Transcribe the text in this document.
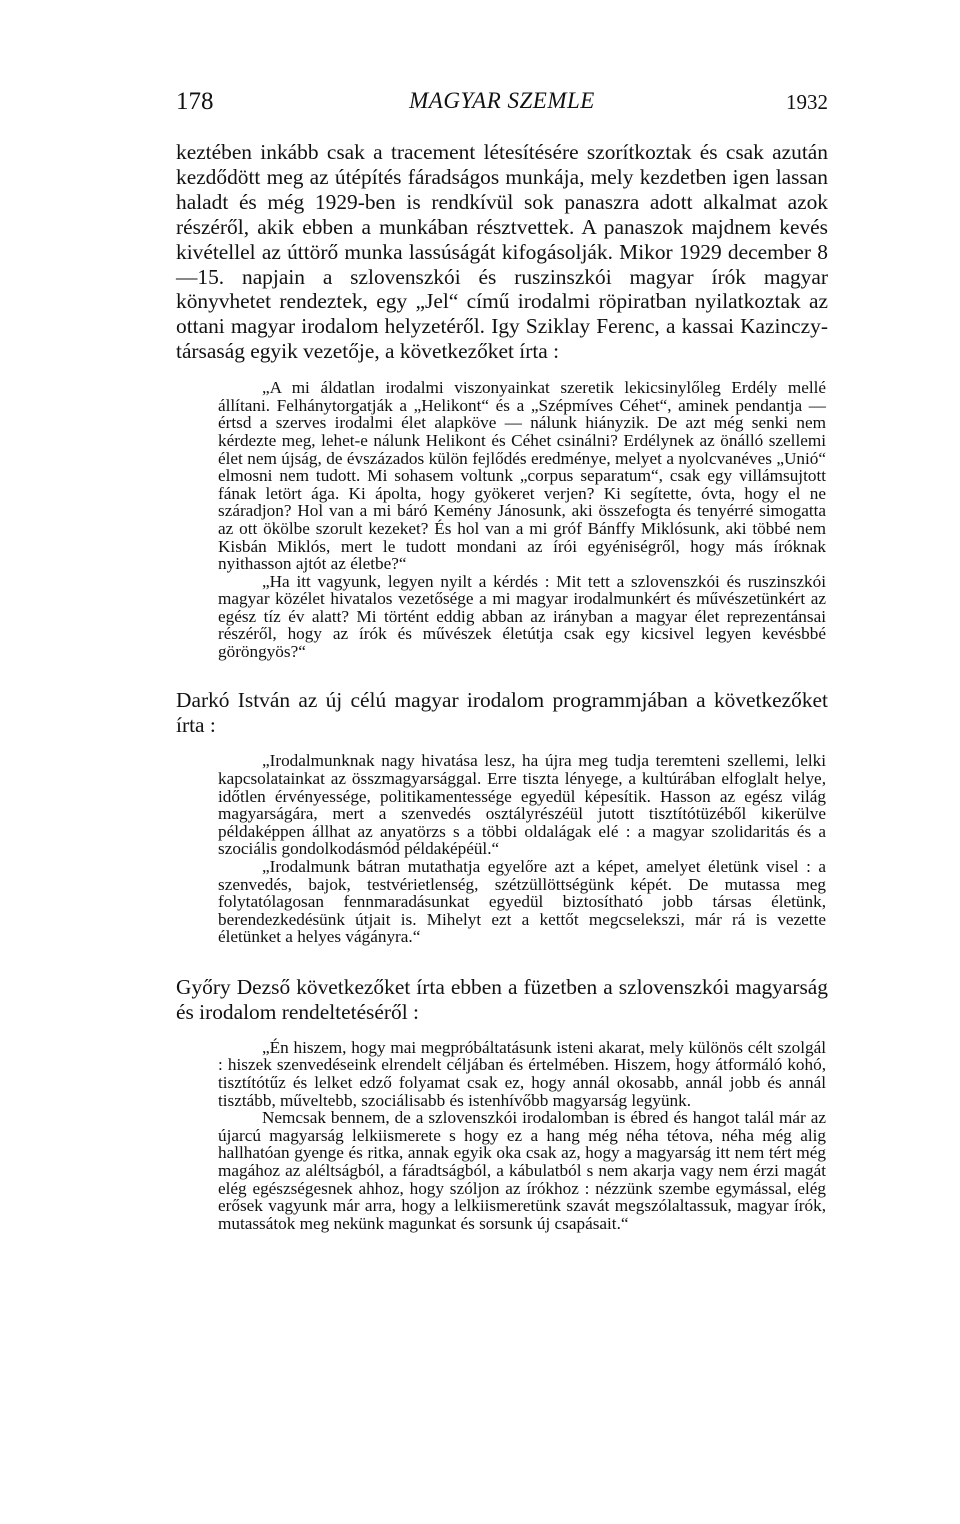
178	MAGYAR SZEMLE	1932

keztében inkább csak a tracement létesítésére szorítkoztak és csak azután kezdődött meg az útépítés fáradságos munkája, mely kezdetben igen lassan haladt és még 1929-ben is rendkívül sok panaszra adott alkalmat azok részéről, akik ebben a munkában résztvettek. A panaszok majdnem kevés kivétellel az úttörő munka lassúságát kifogásolják. Mikor 1929 december 8—15. napjain a szlovenszkói és ruszinszkói magyar írók magyar könyvhetet rendeztek, egy „Jel“ című irodalmi röpiratban nyilatkoztak az ottani magyar irodalom helyzetéről. Igy Sziklay Ferenc, a kassai Kazinczy-társaság egyik vezetője, a következőket írta :

„A mi áldatlan irodalmi viszonyainkat szeretik lekicsinylőleg Erdély mellé állítani. Felhánytorgatják a „Helikont“ és a „Szépmíves Céhet“, aminek pendantja — értsd a szerves irodalmi élet alapköve — nálunk hiányzik. De azt még senki nem kérdezte meg, lehet-e nálunk Helikont és Céhet csinálni? Erdélynek az önálló szellemi élet nem újság, de évszázados külön fejlődés eredménye, melyet a nyolcvanéves „Unió“ elmosni nem tudott. Mi sohasem voltunk „corpus separatum“, csak egy villámsujtott fának letört ága. Ki ápolta, hogy gyökeret verjen? Ki segítette, óvta, hogy el ne száradjon? Hol van a mi báró Kemény Jánosunk, aki összefogta és tenyérré simogatta az ott ökölbe szorult kezeket? És hol van a mi gróf Bánffy Miklósunk, aki többé nem Kisbán Miklós, mert le tudott mondani az írói egyéniségről, hogy más íróknak nyithasson ajtót az életbe?“

„Ha itt vagyunk, legyen nyilt a kérdés : Mit tett a szlovenszkói és ruszinszkói magyar közélet hivatalos vezetősége a mi magyar irodalmunkért és művészetünkért az egész tíz év alatt? Mi történt eddig abban az irányban a magyar élet reprezentánsai részéről, hogy az írók és művészek életútja csak egy kicsivel legyen kevésbbé göröngyös?“

Darkó István az új célú magyar irodalom programmjában a következőket írta :

„Irodalmunknak nagy hivatása lesz, ha újra meg tudja teremteni szellemi, lelki kapcsolatainkat az összmagyarsággal. Erre tiszta lényege, a kultúrában elfoglalt helye, időtlen érvényessége, politikamentessége egyedül képesítik. Hasson az egész világ magyarságára, mert a szenvedés osztályrészéül jutott tisztítótüzéből kikerülve példaképpen állhat az anyatörzs s a többi oldalágak elé : a magyar szolidaritás és a szociális gondolkodásmód példaképéül.“

„Irodalmunk bátran mutathatja egyelőre azt a képet, amelyet életünk visel : a szenvedés, bajok, testvérietlenség, szétzüllöttségünk képét. De mutassa meg folytatólagosan fennmaradásunkat egyedül biztosítható jobb társas életünk, berendezkedésünk útjait is. Mihelyt ezt a kettőt megcselekszi, már rá is vezette életünket a helyes vágányra.“

Győry Dezső következőket írta ebben a füzetben a szlovenszkói magyarság és irodalom rendeltetéséről :

„Én hiszem, hogy mai megpróbáltatásunk isteni akarat, mely különös célt szolgál : hiszek szenvedéseink elrendelt céljában és értelmében. Hiszem, hogy átformáló kohó, tisztítótűz és lelket edző folyamat csak ez, hogy annál okosabb, annál jobb és annál tisztább, műveltebb, szociálisabb és istenhívőbb magyarság legyünk.

Nemcsak bennem, de a szlovenszkói irodalomban is ébred és hangot talál már az újarcú magyarság lelkiismerete s hogy ez a hang még néha tétova, néha még alig hallhatóan gyenge és ritka, annak egyik oka csak az, hogy a magyarság itt nem tért még magához az aléltságból, a fáradtságból, a kábulatból s nem akarja vagy nem érzi magát elég egészségesnek ahhoz, hogy szóljon az írókhoz : nézzünk szembe egymással, elég erősek vagyunk már arra, hogy a lelkiismeretünk szavát megszólaltassuk, magyar írók, mutassátok meg nekünk magunkat és sorsunk új csapásait.“
